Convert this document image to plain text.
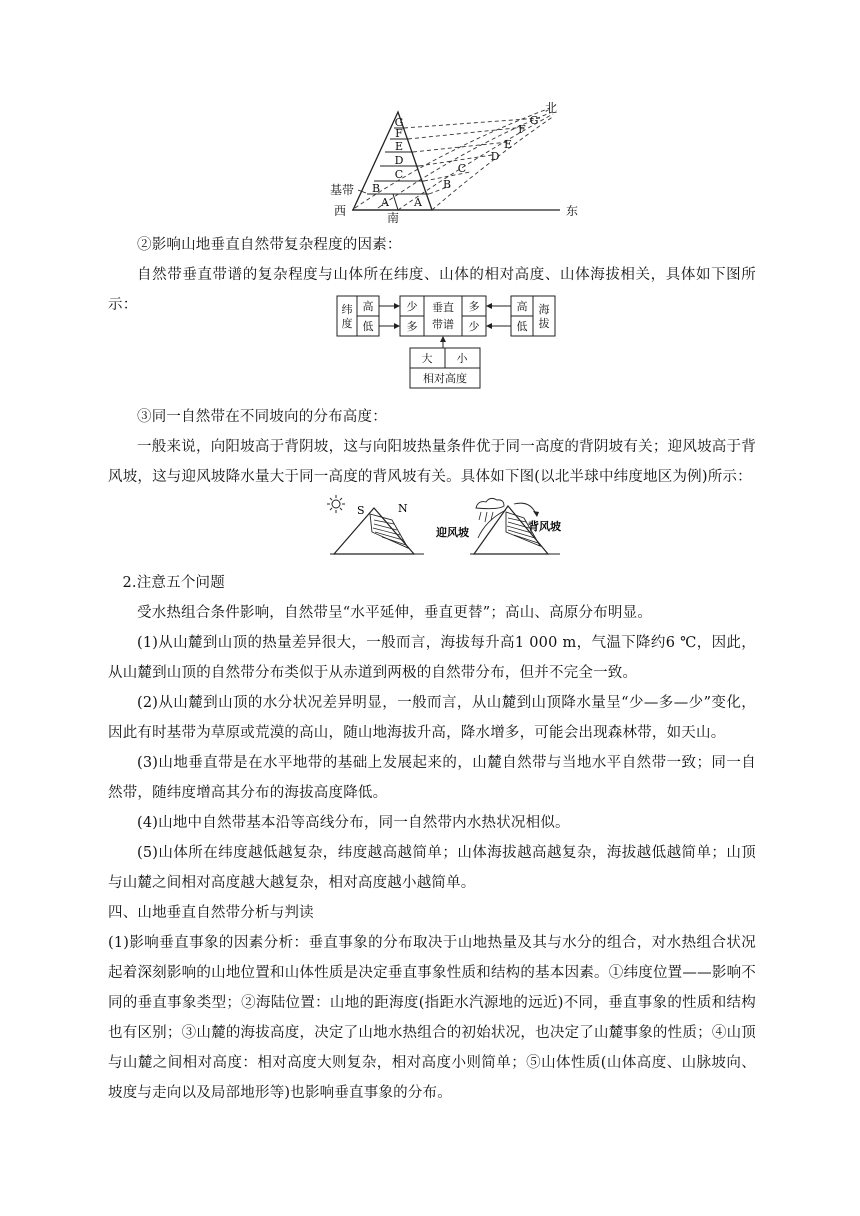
G
F
E
D
C
B
A A
B
C
D
E
F
G
北
基带
西	南	东
②影响山地垂直自然带复杂程度的因素：
自然带垂直带谱的复杂程度与山体所在纬度、山体的相对高度、山体海拔相关，具体如下图所示：	纬
度
高
低
少
多
垂直
带谱
多
少
高
低
海
拔
大 小
相对高度
③同一自然带在不同坡向的分布高度：
一般来说，向阳坡高于背阴坡，这与向阳坡热量条件优于同一高度的背阴坡有关；迎风坡高于背风坡，这与迎风坡降水量大于同一高度的背风坡有关。具体如下图(以北半球中纬度地区为例)所示：
S	N
迎风坡	背风坡
2.注意五个问题
受水热组合条件影响，自然带呈“水平延伸，垂直更替”；高山、高原分布明显。
(1)从山麓到山顶的热量差异很大，一般而言，海拔每升高1 000 m，气温下降约6 ℃，因此，从山麓到山顶的自然带分布类似于从赤道到两极的自然带分布，但并不完全一致。
(2)从山麓到山顶的水分状况差异明显，一般而言，从山麓到山顶降水量呈“少—多—少”变化，因此有时基带为草原或荒漠的高山，随山地海拔升高，降水增多，可能会出现森林带，如天山。
(3)山地垂直带是在水平地带的基础上发展起来的，山麓自然带与当地水平自然带一致；同一自然带，随纬度增高其分布的海拔高度降低。
(4)山地中自然带基本沿等高线分布，同一自然带内水热状况相似。
(5)山体所在纬度越低越复杂，纬度越高越简单；山体海拔越高越复杂，海拔越低越简单；山顶与山麓之间相对高度越大越复杂，相对高度越小越简单。
四、山地垂直自然带分析与判读
(1)影响垂直事象的因素分析：垂直事象的分布取决于山地热量及其与水分的组合，对水热组合状况起着深刻影响的山地位置和山体性质是决定垂直事象性质和结构的基本因素。①纬度位置——影响不同的垂直事象类型；②海陆位置：山地的距海度(指距水汽源地的远近)不同，垂直事象的性质和结构也有区别；③山麓的海拔高度，决定了山地水热组合的初始状况，也决定了山麓事象的性质；④山顶与山麓之间相对高度：相对高度大则复杂，相对高度小则简单；⑤山体性质(山体高度、山脉坡向、坡度与走向以及局部地形等)也影响垂直事象的分布。
